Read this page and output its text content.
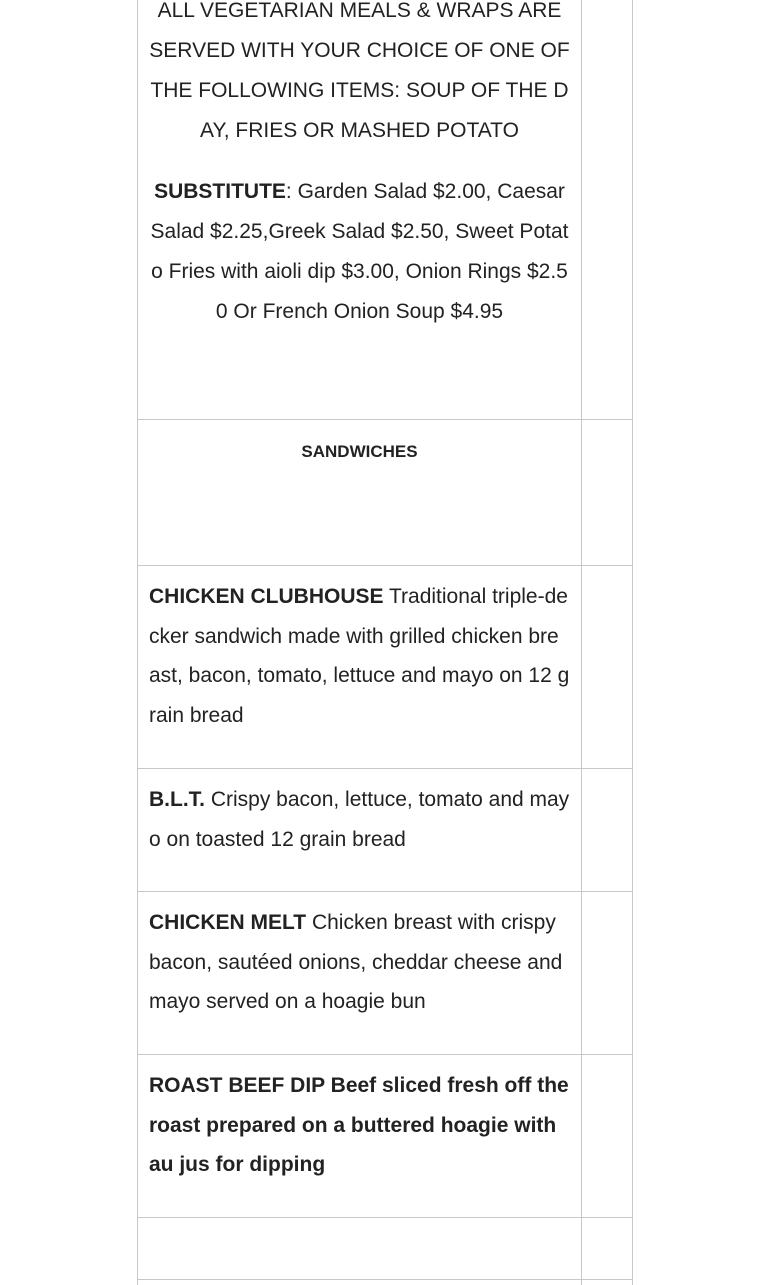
ALL VEGETARIAN MEALS & WRAPS ARE SERVED WITH YOUR CHOICE OF ONE OF THE FOLLOWING ITEMS: SOUP OF THE DAY, FRIES OR MASHED POTATO

SUBSTITUTE: Garden Salad $2.00, Caesar Salad $2.25,Greek Salad $2.50, Sweet Potato Fries with aioli dip $3.00, Onion Rings $2.50 Or French Onion Soup $4.95	

SANDWICHES	

CHICKEN CLUBHOUSE Traditional triple-decker sandwich made with grilled chicken breast, bacon, tomato, lettuce and mayo on 12 grain bread	
B.L.T. Crispy bacon, lettuce, tomato and mayo on toasted 12 grain bread	
CHICKEN MELT Chicken breast with crispy bacon, sautéed onions, cheddar cheese and mayo served on a hoagie bun	
ROAST BEEF DIP Beef sliced fresh off the roast prepared on a buttered hoagie with au jus for dipping	
